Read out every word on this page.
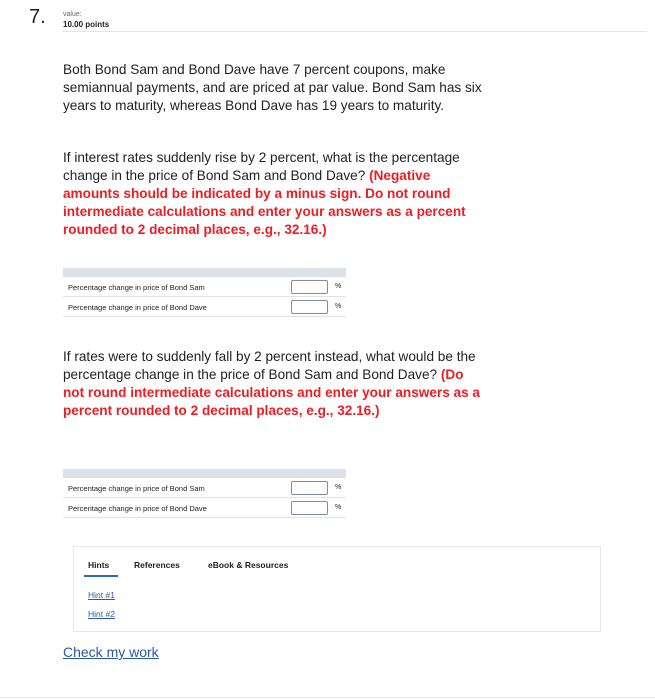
7. value:
10.00 points
Both Bond Sam and Bond Dave have 7 percent coupons, make semiannual payments, and are priced at par value. Bond Sam has six years to maturity, whereas Bond Dave has 19 years to maturity.
If interest rates suddenly rise by 2 percent, what is the percentage change in the price of Bond Sam and Bond Dave? (Negative amounts should be indicated by a minus sign. Do not round intermediate calculations and enter your answers as a percent rounded to 2 decimal places, e.g., 32.16.)
Percentage change in price of Bond Sam	%
Percentage change in price of Bond Dave	%
If rates were to suddenly fall by 2 percent instead, what would be the percentage change in the price of Bond Sam and Bond Dave? (Do not round intermediate calculations and enter your answers as a percent rounded to 2 decimal places, e.g., 32.16.)
Percentage change in price of Bond Sam	%
Percentage change in price of Bond Dave	%
Hints	References	eBook & Resources
Hint #1
Hint #2
Check my work
